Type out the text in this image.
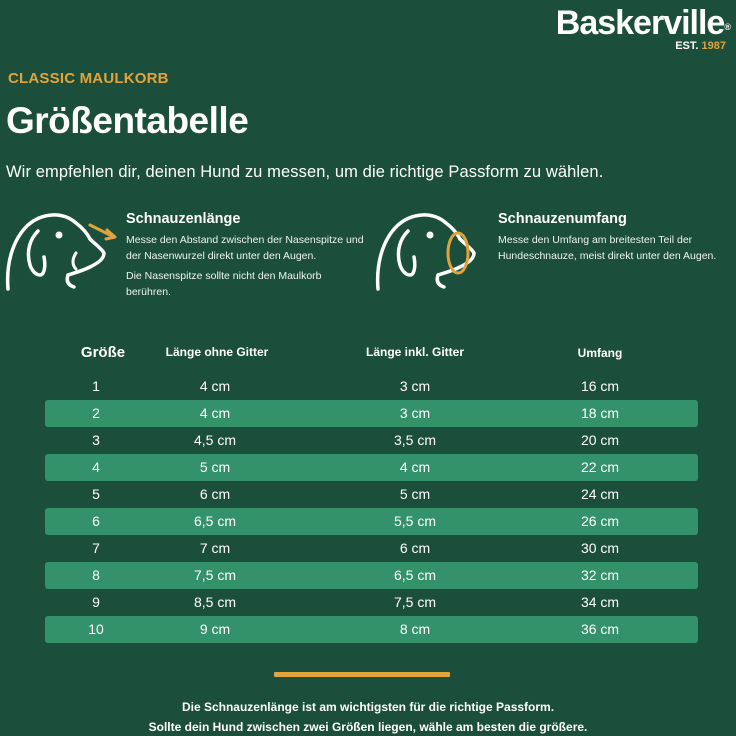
Baskerville®
EST. 1987
CLASSIC MAULKORB
Größentabelle

Wir empfehlen dir, deinen Hund zu messen, um die richtige Passform zu wählen.

Schnauzenlänge

Messe den Abstand zwischen der Nasenspitze und der Nasenwurzel direkt unter den Augen.

Die Nasenspitze sollte nicht den Maulkorb berühren.

Schnauzenumfang

Messe den Umfang am breitesten Teil der Hundeschnauze, meist direkt unter den Augen.

Größe	Länge ohne Gitter	Länge inkl. Gitter	Umfang
1	4 cm	3 cm	16 cm
2	4 cm	3 cm	18 cm
3	4,5 cm	3,5 cm	20 cm
4	5 cm	4 cm	22 cm
5	6 cm	5 cm	24 cm
6	6,5 cm	5,5 cm	26 cm
7	7 cm	6 cm	30 cm
8	7,5 cm	6,5 cm	32 cm
9	8,5 cm	7,5 cm	34 cm
10	9 cm	8 cm	36 cm
Die Schnauzenlänge ist am wichtigsten für die richtige Passform.
Sollte dein Hund zwischen zwei Größen liegen, wähle am besten die größere.
